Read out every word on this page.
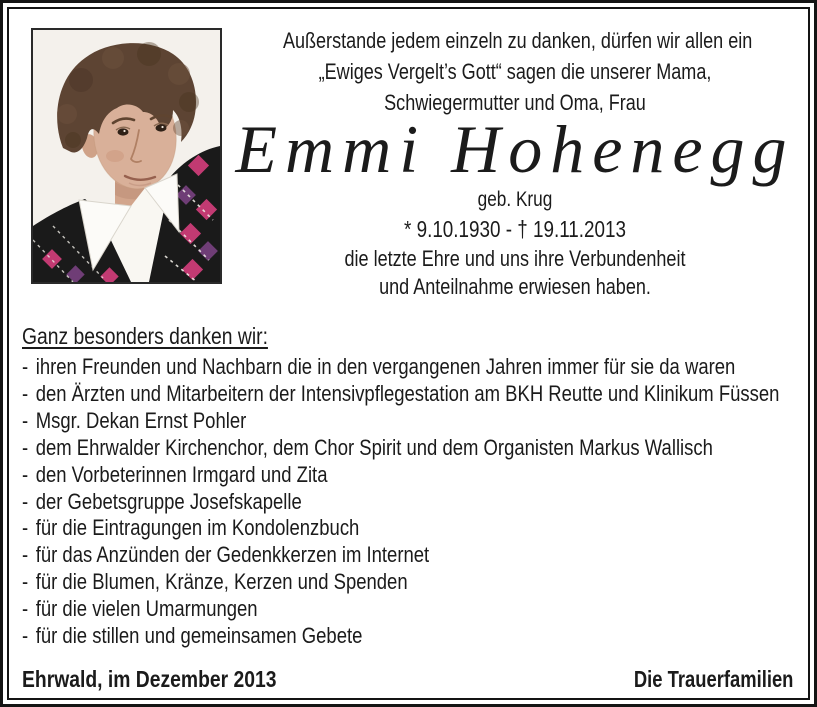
Außerstande jedem einzeln zu danken, dürfen wir allen ein
„Ewiges Vergelt’s Gott“ sagen die unserer Mama,
Schwiegermutter und Oma, Frau
Emmi Hohenegg
geb. Krug
* 9.10.1930 - † 19.11.2013
die letzte Ehre und uns ihre Verbundenheit
und Anteilnahme erwiesen haben.
Ganz besonders danken wir:
- ihren Freunden und Nachbarn die in den vergangenen Jahren immer für sie da waren
- den Ärzten und Mitarbeitern der Intensivpflegestation am BKH Reutte und Klinikum Füssen
- Msgr. Dekan Ernst Pohler
- dem Ehrwalder Kirchenchor, dem Chor Spirit und dem Organisten Markus Wallisch
- den Vorbeterinnen Irmgard und Zita
- der Gebetsgruppe Josefskapelle
- für die Eintragungen im Kondolenzbuch
- für das Anzünden der Gedenkkerzen im Internet
- für die Blumen, Kränze, Kerzen und Spenden
- für die vielen Umarmungen
- für die stillen und gemeinsamen Gebete
Ehrwald, im Dezember 2013	Die Trauerfamilien
